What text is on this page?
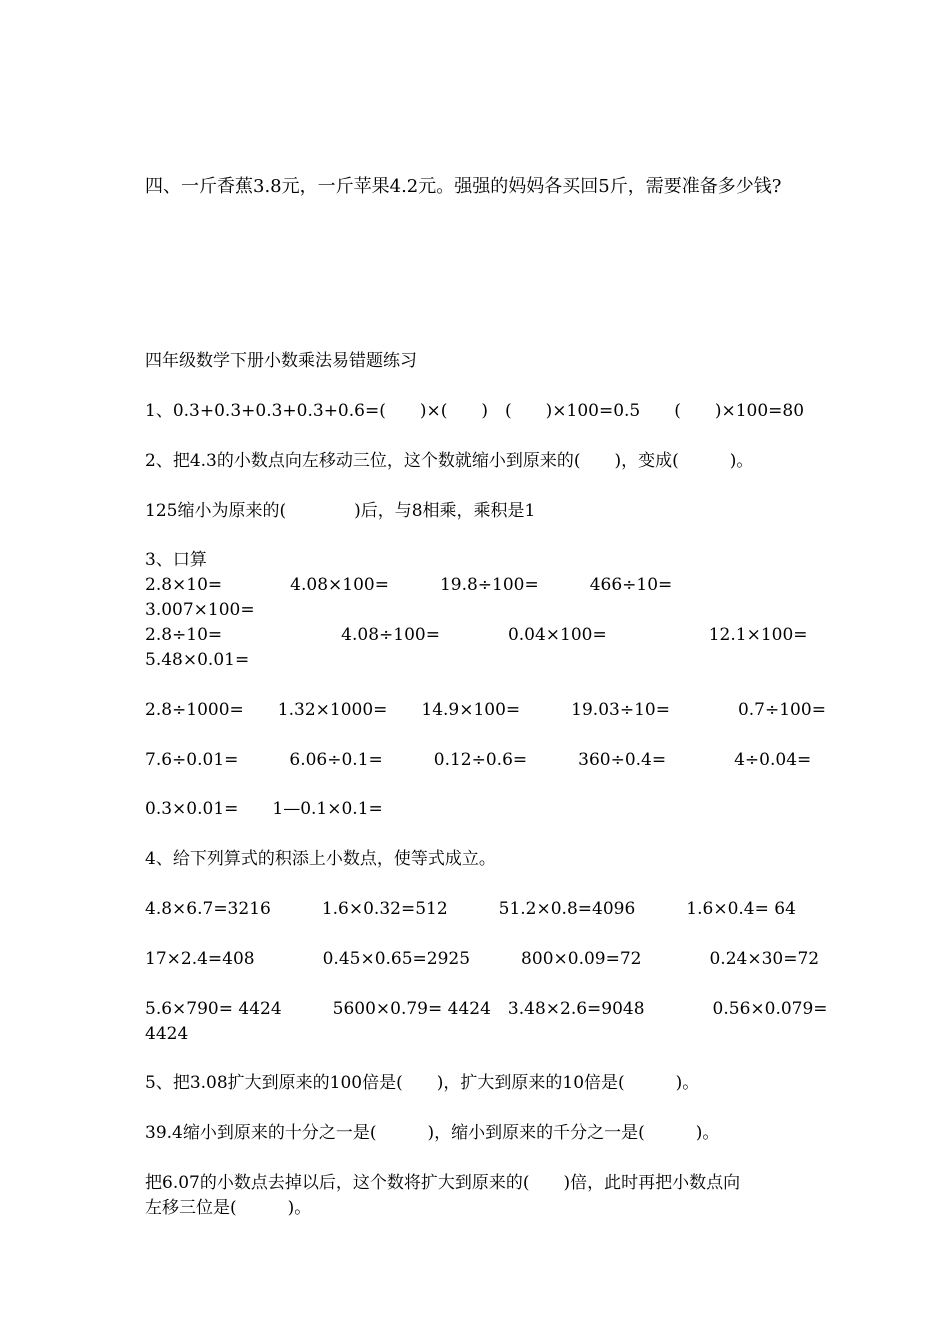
四、一斤香蕉3.8元，一斤苹果4.2元。强强的妈妈各买回5斤，需要准备多少钱?
四年级数学下册小数乘法易错题练习
1、0.3+0.3+0.3+0.3+0.6=(　　)×(　　)　(　　)×100=0.5　　(　　)×100=80
2、把4.3的小数点向左移动三位，这个数就缩小到原来的(　　)，变成(　　　)。
125缩小为原来的(　　　　)后，与8相乘，乘积是1
3、口算
2.8×10=　　　　4.08×100=　　　19.8÷100=　　　466÷10=
3.007×100=
2.8÷10=　　　　　　　4.08÷100=　　　　0.04×100=　　　　　　12.1×100=
5.48×0.01=
2.8÷1000=　　1.32×1000=　　14.9×100=　　　19.03÷10=　　　　0.7÷100=
7.6÷0.01=　　　6.06÷0.1=　　　0.12÷0.6=　　　360÷0.4=　　　　4÷0.04=
0.3×0.01=　　1—0.1×0.1=
4、给下列算式的积添上小数点，使等式成立。
4.8×6.7=3216　　　1.6×0.32=512　　　51.2×0.8=4096　　　1.6×0.4= 64
17×2.4=408　　　　0.45×0.65=2925　　　800×0.09=72　　　　0.24×30=72
5.6×790= 4424　　　5600×0.79= 4424　3.48×2.6=9048　　　　0.56×0.079=
4424
5、把3.08扩大到原来的100倍是(　　)，扩大到原来的10倍是(　　　)。
39.4缩小到原来的十分之一是(　　　)，缩小到原来的千分之一是(　　　)。
把6.07的小数点去掉以后，这个数将扩大到原来的(　　)倍，此时再把小数点向
左移三位是(　　　)。
